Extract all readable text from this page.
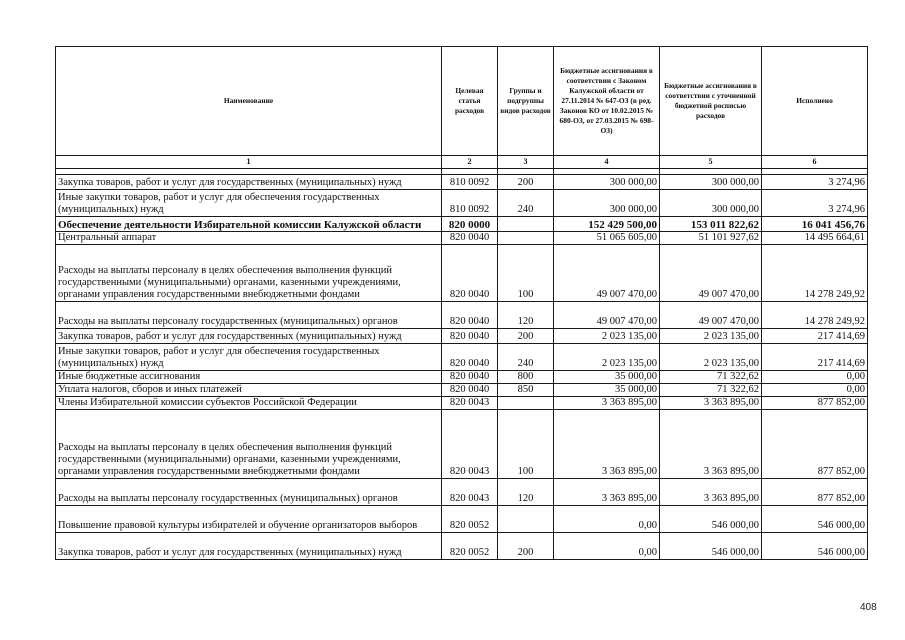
Наименование	Целевая статья расходов	Группы и подгруппы видов расходов	Бюджетные ассигнования в соответствии с Законом Калужской области от 27.11.2014 № 647-ОЗ (в ред. Законов КО от 10.02.2015 № 680-ОЗ, от 27.03.2015 № 698-ОЗ)	Бюджетные ассигнования в соответствии с уточненной бюджетной росписью расходов	Исполнено
1	2	3	4	5	6

Закупка товаров, работ и услуг для государственных (муниципальных) нужд	810 0092	200	300 000,00	300 000,00	3 274,96
Иные закупки товаров, работ и услуг для обеспечения государственных (муниципальных) нужд	810 0092	240	300 000,00	300 000,00	3 274,96
Обеспечение деятельности Избирательной комиссии Калужской области	820 0000		152 429 500,00	153 011 822,62	16 041 456,76
Центральный аппарат	820 0040		51 065 605,00	51 101 927,62	14 495 664,61
Расходы на выплаты персоналу в целях обеспечения выполнения функций государственными (муниципальными) органами, казенными учреждениями, органами управления государственными внебюджетными фондами	820 0040	100	49 007 470,00	49 007 470,00	14 278 249,92
Расходы на выплаты персоналу государственных (муниципальных) органов	820 0040	120	49 007 470,00	49 007 470,00	14 278 249,92
Закупка товаров, работ и услуг для государственных (муниципальных) нужд	820 0040	200	2 023 135,00	2 023 135,00	217 414,69
Иные закупки товаров, работ и услуг для обеспечения государственных (муниципальных) нужд	820 0040	240	2 023 135,00	2 023 135,00	217 414,69
Иные бюджетные ассигнования	820 0040	800	35 000,00	71 322,62	0,00
Уплата налогов, сборов и иных платежей	820 0040	850	35 000,00	71 322,62	0,00
Члены Избирательной комиссии субъектов Российской Федерации	820 0043		3 363 895,00	3 363 895,00	877 852,00
Расходы на выплаты персоналу в целях обеспечения выполнения функций государственными (муниципальными) органами, казенными учреждениями, органами управления государственными внебюджетными фондами	820 0043	100	3 363 895,00	3 363 895,00	877 852,00
Расходы на выплаты персоналу государственных (муниципальных) органов	820 0043	120	3 363 895,00	3 363 895,00	877 852,00
Повышение правовой культуры избирателей и обучение организаторов выборов	820 0052		0,00	546 000,00	546 000,00
Закупка товаров, работ и услуг для государственных (муниципальных) нужд	820 0052	200	0,00	546 000,00	546 000,00
408
